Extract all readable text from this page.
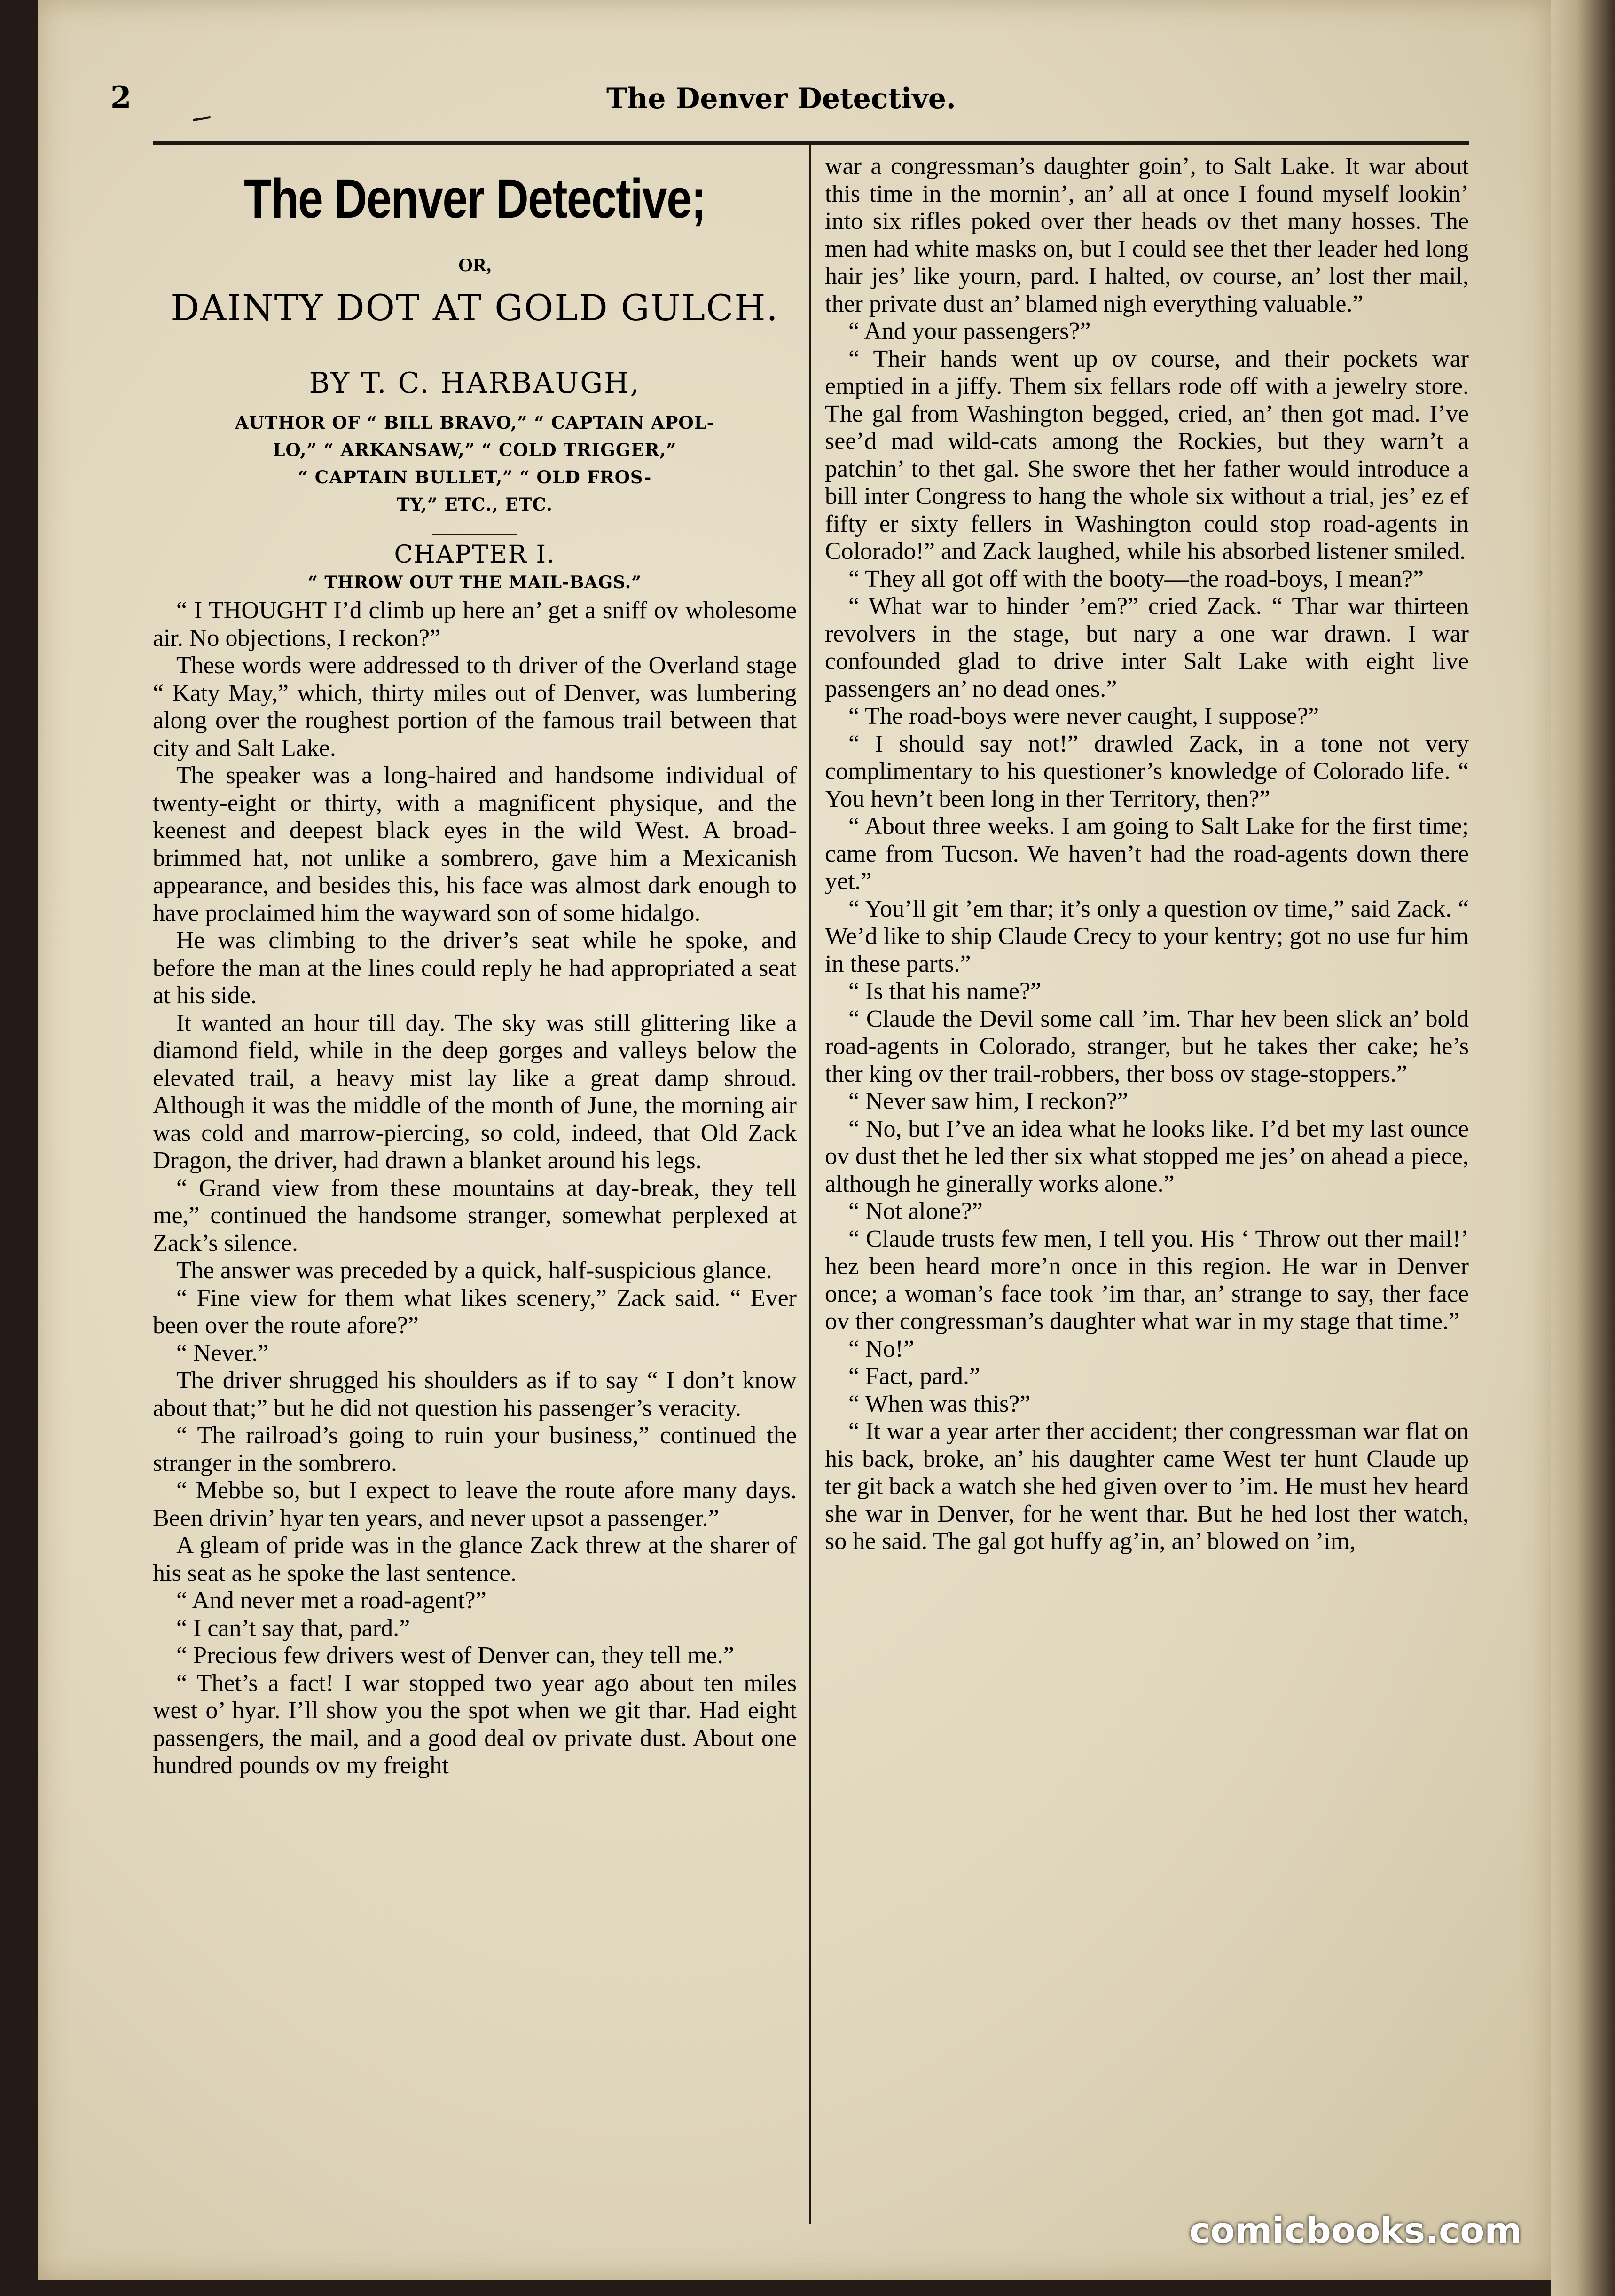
2	The Denver Detective.
The Denver Detective;
OR,
DAINTY DOT AT GOLD GULCH.
BY T. C. HARBAUGH,
AUTHOR OF “ BILL BRAVO,” “ CAPTAIN APOL-
LO,” “ ARKANSAW,” “ COLD TRIGGER,”
“ CAPTAIN BULLET,” “ OLD FROS-
TY,” ETC., ETC.
CHAPTER I.
“ THROW OUT THE MAIL-BAGS.”

“ I THOUGHT I’d climb up here an’ get a sniff ov wholesome air. No objections, I reckon?”

These words were addressed to th driver of the Overland stage “ Katy May,” which, thirty miles out of Denver, was lumbering along over the roughest portion of the famous trail between that city and Salt Lake.

The speaker was a long-haired and handsome individual of twenty-eight or thirty, with a magnificent physique, and the keenest and deepest black eyes in the wild West. A broad-brimmed hat, not unlike a sombrero, gave him a Mexicanish appearance, and besides this, his face was almost dark enough to have proclaimed him the wayward son of some hidalgo.

He was climbing to the driver’s seat while he spoke, and before the man at the lines could reply he had appropriated a seat at his side.

It wanted an hour till day. The sky was still glittering like a diamond field, while in the deep gorges and valleys below the elevated trail, a heavy mist lay like a great damp shroud. Although it was the middle of the month of June, the morning air was cold and marrow-piercing, so cold, indeed, that Old Zack Dragon, the driver, had drawn a blanket around his legs.

“ Grand view from these mountains at day-break, they tell me,” continued the handsome stranger, somewhat perplexed at Zack’s silence.

The answer was preceded by a quick, half-suspicious glance.

“ Fine view for them what likes scenery,” Zack said. “ Ever been over the route afore?”

“ Never.”

The driver shrugged his shoulders as if to say “ I don’t know about that;” but he did not question his passenger’s veracity.

“ The railroad’s going to ruin your business,” continued the stranger in the sombrero.

“ Mebbe so, but I expect to leave the route afore many days. Been drivin’ hyar ten years, and never upsot a passenger.”

A gleam of pride was in the glance Zack threw at the sharer of his seat as he spoke the last sentence.

“ And never met a road-agent?”

“ I can’t say that, pard.”

“ Precious few drivers west of Denver can, they tell me.”

“ Thet’s a fact! I war stopped two year ago about ten miles west o’ hyar. I’ll show you the spot when we git thar. Had eight passengers, the mail, and a good deal ov private dust. About one hundred pounds ov my freight

war a congressman’s daughter goin’, to Salt Lake. It war about this time in the mornin’, an’ all at once I found myself lookin’ into six rifles poked over ther heads ov thet many hosses. The men had white masks on, but I could see thet ther leader hed long hair jes’ like yourn, pard. I halted, ov course, an’ lost ther mail, ther private dust an’ blamed nigh everything valuable.”

“ And your passengers?”

“ Their hands went up ov course, and their pockets war emptied in a jiffy. Them six fellars rode off with a jewelry store. The gal from Washington begged, cried, an’ then got mad. I’ve see’d mad wild-cats among the Rockies, but they warn’t a patchin’ to thet gal. She swore thet her father would introduce a bill inter Congress to hang the whole six without a trial, jes’ ez ef fifty er sixty fellers in Washington could stop road-agents in Colorado!” and Zack laughed, while his absorbed listener smiled.

“ They all got off with the booty—the road-boys, I mean?”

“ What war to hinder ’em?” cried Zack. “ Thar war thirteen revolvers in the stage, but nary a one war drawn. I war confounded glad to drive inter Salt Lake with eight live passengers an’ no dead ones.”

“ The road-boys were never caught, I suppose?”

“ I should say not!” drawled Zack, in a tone not very complimentary to his questioner’s knowledge of Colorado life. “ You hevn’t been long in ther Territory, then?”

“ About three weeks. I am going to Salt Lake for the first time; came from Tucson. We haven’t had the road-agents down there yet.”

“ You’ll git ’em thar; it’s only a question ov time,” said Zack. “ We’d like to ship Claude Crecy to your kentry; got no use fur him in these parts.”

“ Is that his name?”

“ Claude the Devil some call ’im. Thar hev been slick an’ bold road-agents in Colorado, stranger, but he takes ther cake; he’s ther king ov ther trail-robbers, ther boss ov stage-stoppers.”

“ Never saw him, I reckon?”

“ No, but I’ve an idea what he looks like. I’d bet my last ounce ov dust thet he led ther six what stopped me jes’ on ahead a piece, although he ginerally works alone.”

“ Not alone?”

“ Claude trusts few men, I tell you. His ‘ Throw out ther mail!’ hez been heard more’n once in this region. He war in Denver once; a woman’s face took ’im thar, an’ strange to say, ther face ov ther congressman’s daughter what war in my stage that time.”

“ No!”

“ Fact, pard.”

“ When was this?”

“ It war a year arter ther accident; ther congressman war flat on his back, broke, an’ his daughter came West ter hunt Claude up ter git back a watch she hed given over to ’im. He must hev heard she war in Denver, for he went thar. But he hed lost ther watch, so he said. The gal got huffy ag’in, an’ blowed on ’im,

comicbooks.com
